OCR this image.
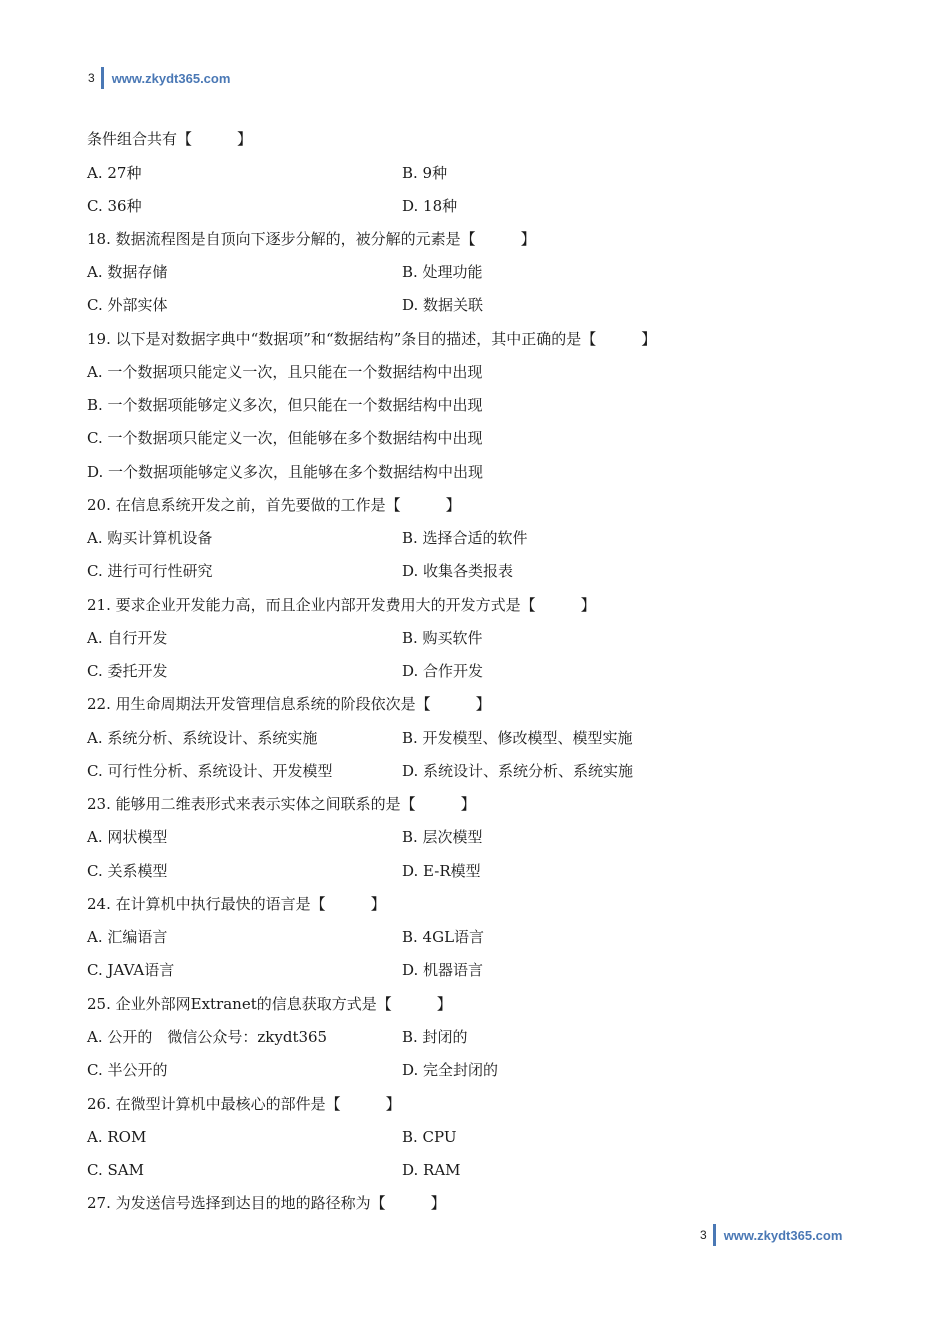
3 www.zkydt365.com
条件组合共有【　　　】
A. 27种	B. 9种
C. 36种	D. 18种
18. 数据流程图是自顶向下逐步分解的，被分解的元素是【　　　】
A. 数据存储	B. 处理功能
C. 外部实体	D. 数据关联
19. 以下是对数据字典中“数据项”和“数据结构”条目的描述，其中正确的是【　　　】
A. 一个数据项只能定义一次，且只能在一个数据结构中出现
B. 一个数据项能够定义多次，但只能在一个数据结构中出现
C. 一个数据项只能定义一次，但能够在多个数据结构中出现
D. 一个数据项能够定义多次，且能够在多个数据结构中出现
20. 在信息系统开发之前，首先要做的工作是【　　　】
A. 购买计算机设备	B. 选择合适的软件
C. 进行可行性研究	D. 收集各类报表
21. 要求企业开发能力高，而且企业内部开发费用大的开发方式是【　　　】
A. 自行开发	B. 购买软件
C. 委托开发	D. 合作开发
22. 用生命周期法开发管理信息系统的阶段依次是【　　　】
A. 系统分析、系统设计、系统实施	B. 开发模型、修改模型、模型实施
C. 可行性分析、系统设计、开发模型	D. 系统设计、系统分析、系统实施
23. 能够用二维表形式来表示实体之间联系的是【　　　】
A. 网状模型	B. 层次模型
C. 关系模型	D. E-R模型
24. 在计算机中执行最快的语言是【　　　】
A. 汇编语言	B. 4GL语言
C. JAVA语言	D. 机器语言
25. 企业外部网Extranet的信息获取方式是【　　　】
A. 公开的　微信公众号：zkydt365	B. 封闭的
C. 半公开的	D. 完全封闭的
26. 在微型计算机中最核心的部件是【　　　】
A. ROM	B. CPU
C. SAM	D. RAM
27. 为发送信号选择到达目的地的路径称为【　　　】
3 www.zkydt365.com
